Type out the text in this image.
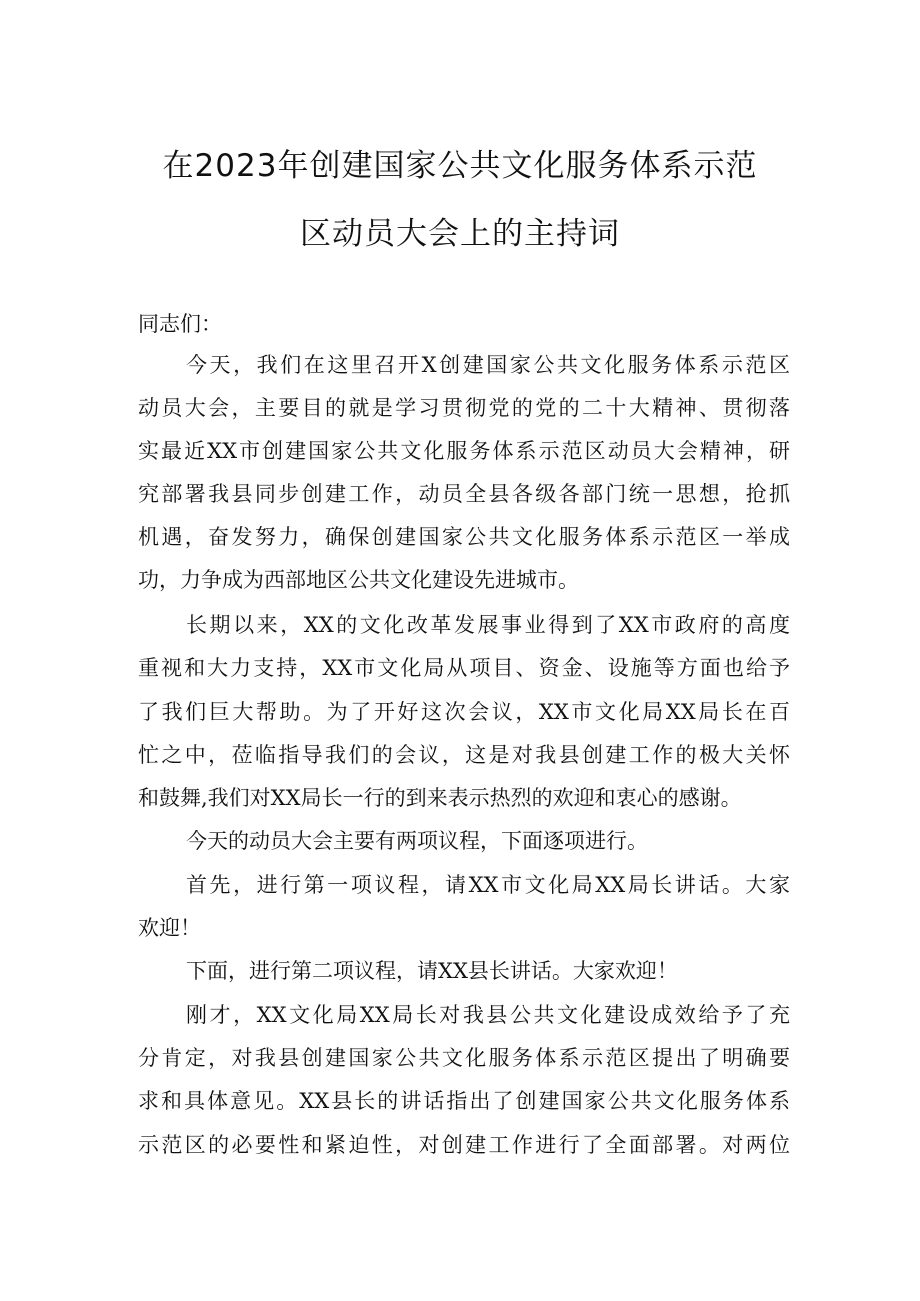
在2023年创建国家公共文化服务体系示范
区动员大会上的主持词
同志们：
今天，我们在这里召开X创建国家公共文化服务体系示范区
动员大会，主要目的就是学习贯彻党的党的二十大精神、贯彻落
实最近XX市创建国家公共文化服务体系示范区动员大会精神，研
究部署我县同步创建工作，动员全县各级各部门统一思想，抢抓
机遇，奋发努力，确保创建国家公共文化服务体系示范区一举成
功，力争成为西部地区公共文化建设先进城市。
长期以来，XX的文化改革发展事业得到了XX市政府的高度
重视和大力支持，XX市文化局从项目、资金、设施等方面也给予
了我们巨大帮助。为了开好这次会议，XX市文化局XX局长在百
忙之中，莅临指导我们的会议，这是对我县创建工作的极大关怀
和鼓舞,我们对XX局长一行的到来表示热烈的欢迎和衷心的感谢。
今天的动员大会主要有两项议程，下面逐项进行。
首先，进行第一项议程，请XX市文化局XX局长讲话。大家
欢迎！
下面，进行第二项议程，请XX县长讲话。大家欢迎！
刚才，XX文化局XX局长对我县公共文化建设成效给予了充
分肯定，对我县创建国家公共文化服务体系示范区提出了明确要
求和具体意见。XX县长的讲话指出了创建国家公共文化服务体系
示范区的必要性和紧迫性，对创建工作进行了全面部署。对两位
